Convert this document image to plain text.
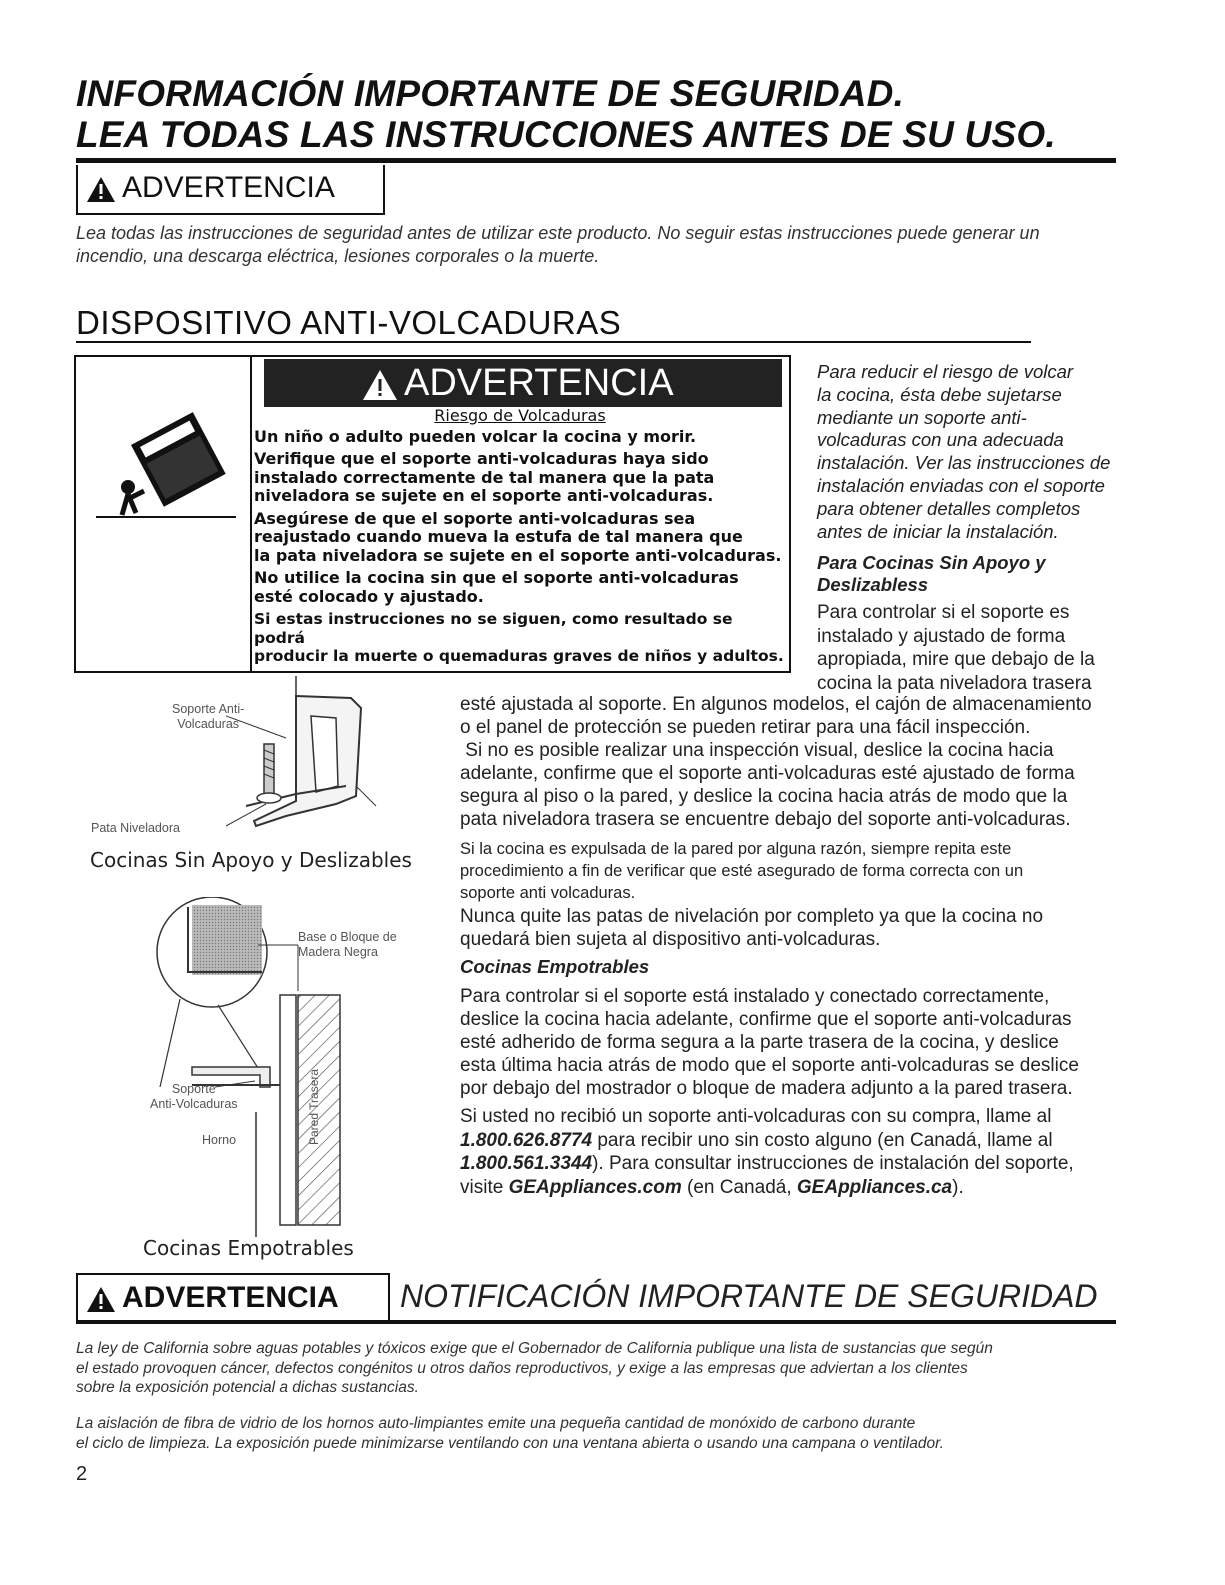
INFORMACIÓN IMPORTANTE DE SEGURIDAD.
LEA TODAS LAS INSTRUCCIONES ANTES DE SU USO.
ADVERTENCIA
Lea todas las instrucciones de seguridad antes de utilizar este producto. No seguir estas instrucciones puede generar un
incendio, una descarga eléctrica, lesiones corporales o la muerte.
DISPOSITIVO ANTI-VOLCADURAS
ADVERTENCIA
Riesgo de Volcaduras
Un niño o adulto pueden volcar la cocina y morir.
Verifique que el soporte anti-volcaduras haya sido
instalado correctamente de tal manera que la pata
niveladora se sujete en el soporte anti-volcaduras.
Asegúrese de que el soporte anti-volcaduras sea
reajustado cuando mueva la estufa de tal manera que
la pata niveladora se sujete en el soporte anti-volcaduras.
No utilice la cocina sin que el soporte anti-volcaduras
esté colocado y ajustado.
Si estas instrucciones no se siguen, como resultado se podrá
producir la muerte o quemaduras graves de niños y adultos.
Para reducir el riesgo de volcar
la cocina, ésta debe sujetarse
mediante un soporte anti-
volcaduras con una adecuada
instalación. Ver las instrucciones de
instalación enviadas con el soporte
para obtener detalles completos
antes de iniciar la instalación.
Para Cocinas Sin Apoyo y
Deslizabless
Para controlar si el soporte es
instalado y ajustado de forma
apropiada, mire que debajo de la
cocina la pata niveladora trasera
esté ajustada al soporte. En algunos modelos, el cajón de almacenamiento
o el panel de protección se pueden retirar para una fácil inspección.
Si no es posible realizar una inspección visual, deslice la cocina hacia
adelante, confirme que el soporte anti-volcaduras esté ajustado de forma
segura al piso o la pared, y deslice la cocina hacia atrás de modo que la
pata niveladora trasera se encuentre debajo del soporte anti-volcaduras.
Si la cocina es expulsada de la pared por alguna razón, siempre repita este
procedimiento a fin de verificar que esté asegurado de forma correcta con un
soporte anti volcaduras.
Nunca quite las patas de nivelación por completo ya que la cocina no
quedará bien sujeta al dispositivo anti-volcaduras.
Cocinas Empotrables
Para controlar si el soporte está instalado y conectado correctamente,
deslice la cocina hacia adelante, confirme que el soporte anti-volcaduras
esté adherido de forma segura a la parte trasera de la cocina, y deslice
esta última hacia atrás de modo que el soporte anti-volcaduras se deslice
por debajo del mostrador o bloque de madera adjunto a la pared trasera.
Si usted no recibió un soporte anti-volcaduras con su compra, llame al
1.800.626.8774 para recibir uno sin costo alguno (en Canadá, llame al
1.800.561.3344). Para consultar instrucciones de instalación del soporte,
visite GEAppliances.com (en Canadá, GEAppliances.ca).
Soporte Anti-
Volcaduras
Pata Niveladora
Cocinas Sin Apoyo y Deslizables
Pared Trasera
Base o Bloque de
Madera Negra
Soporte
Anti-Volcaduras
Horno
Cocinas Empotrables
ADVERTENCIA NOTIFICACIÓN IMPORTANTE DE SEGURIDAD
La ley de California sobre aguas potables y tóxicos exige que el Gobernador de California publique una lista de sustancias que según
el estado provoquen cáncer, defectos congénitos u otros daños reproductivos, y exige a las empresas que adviertan a los clientes
sobre la exposición potencial a dichas sustancias.
La aislación de fibra de vidrio de los hornos auto-limpiantes emite una pequeña cantidad de monóxido de carbono durante
el ciclo de limpieza. La exposición puede minimizarse ventilando con una ventana abierta o usando una campana o ventilador.
2
